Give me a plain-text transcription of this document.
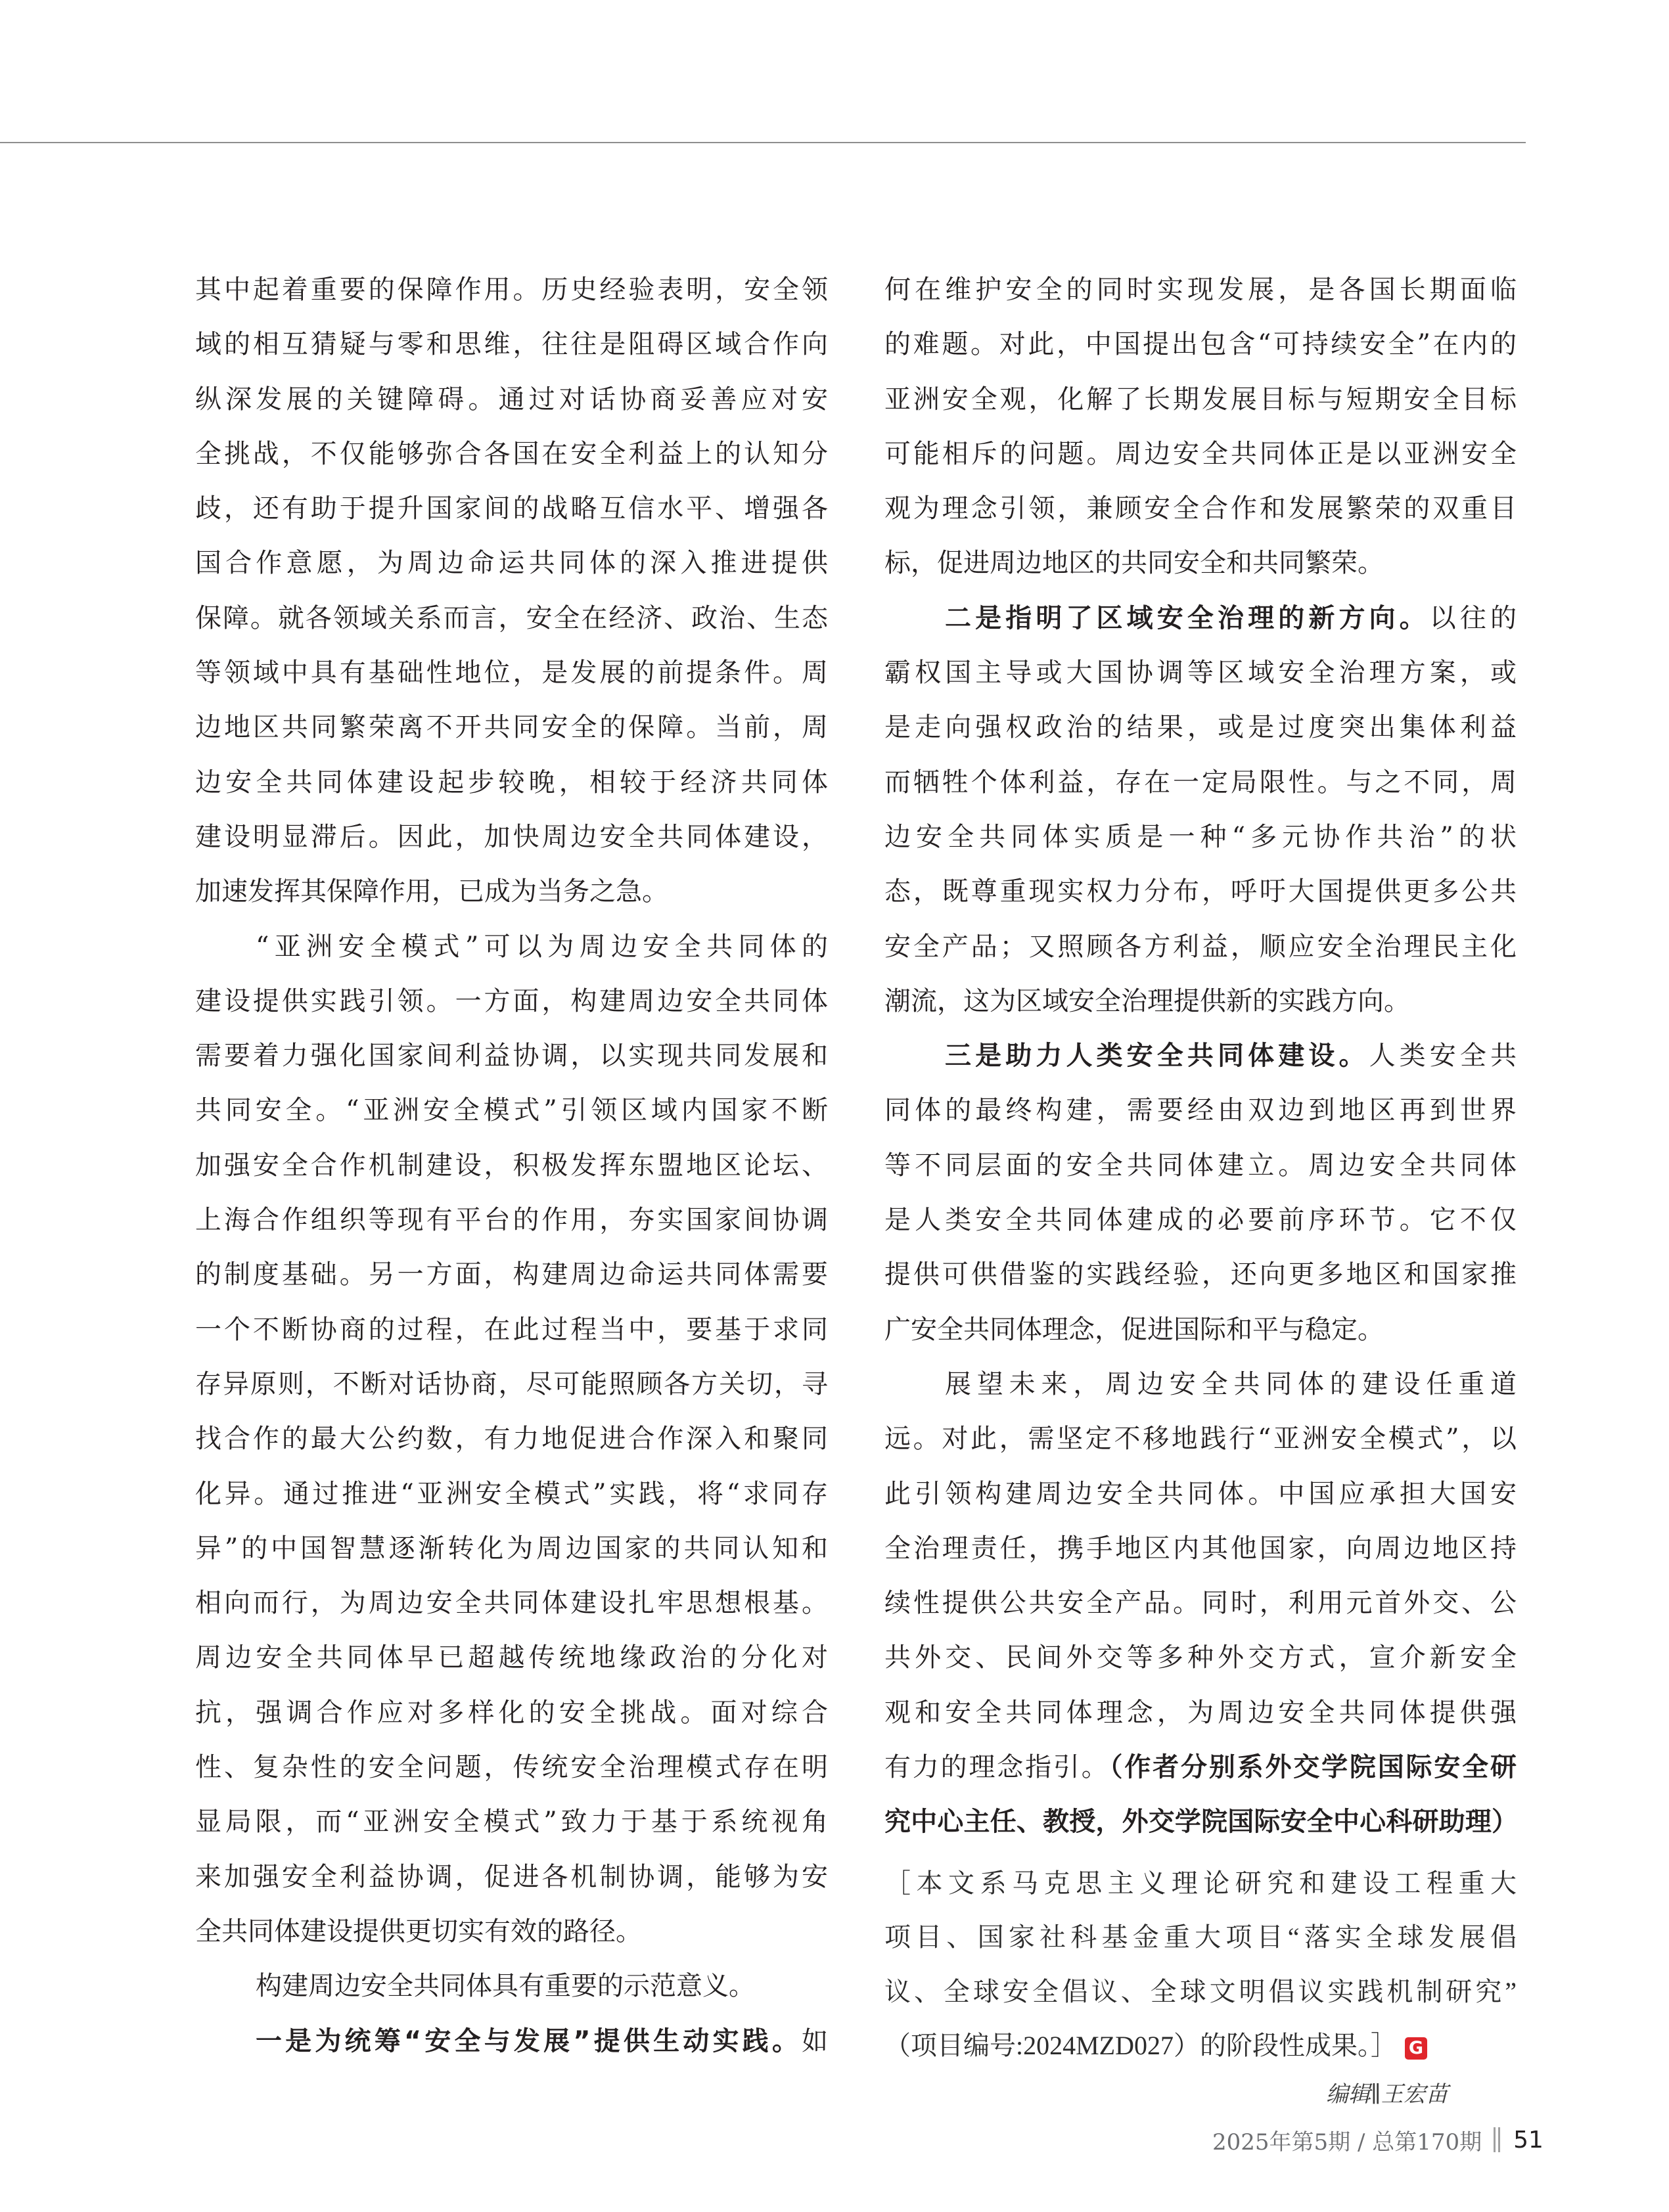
其中起着重要的保障作用。历史经验表明，安全领
域的相互猜疑与零和思维，往往是阻碍区域合作向
纵深发展的关键障碍。通过对话协商妥善应对安
全挑战，不仅能够弥合各国在安全利益上的认知分
歧，还有助于提升国家间的战略互信水平、增强各
国合作意愿，为周边命运共同体的深入推进提供
保障。就各领域关系而言，安全在经济、政治、生态
等领域中具有基础性地位，是发展的前提条件。周
边地区共同繁荣离不开共同安全的保障。当前，周
边安全共同体建设起步较晚，相较于经济共同体
建设明显滞后。因此，加快周边安全共同体建设，
加速发挥其保障作用，已成为当务之急。
“亚洲安全模式”可以为周边安全共同体的
建设提供实践引领。一方面，构建周边安全共同体
需要着力强化国家间利益协调，以实现共同发展和
共同安全。“亚洲安全模式”引领区域内国家不断
加强安全合作机制建设，积极发挥东盟地区论坛、
上海合作组织等现有平台的作用，夯实国家间协调
的制度基础。另一方面，构建周边命运共同体需要
一个不断协商的过程，在此过程当中，要基于求同
存异原则，不断对话协商，尽可能照顾各方关切，寻
找合作的最大公约数，有力地促进合作深入和聚同
化异。通过推进“亚洲安全模式”实践，将“求同存
异”的中国智慧逐渐转化为周边国家的共同认知和
相向而行，为周边安全共同体建设扎牢思想根基。
周边安全共同体早已超越传统地缘政治的分化对
抗，强调合作应对多样化的安全挑战。面对综合
性、复杂性的安全问题，传统安全治理模式存在明
显局限，而“亚洲安全模式”致力于基于系统视角
来加强安全利益协调，促进各机制协调，能够为安
全共同体建设提供更切实有效的路径。
构建周边安全共同体具有重要的示范意义。
一是为统筹“安全与发展”提供生动实践。如
何在维护安全的同时实现发展，是各国长期面临
的难题。对此，中国提出包含“可持续安全”在内的
亚洲安全观，化解了长期发展目标与短期安全目标
可能相斥的问题。周边安全共同体正是以亚洲安全
观为理念引领，兼顾安全合作和发展繁荣的双重目
标，促进周边地区的共同安全和共同繁荣。
二是指明了区域安全治理的新方向。以往的
霸权国主导或大国协调等区域安全治理方案，或
是走向强权政治的结果，或是过度突出集体利益
而牺牲个体利益，存在一定局限性。与之不同，周
边安全共同体实质是一种“多元协作共治”的状
态，既尊重现实权力分布，呼吁大国提供更多公共
安全产品；又照顾各方利益，顺应安全治理民主化
潮流，这为区域安全治理提供新的实践方向。
三是助力人类安全共同体建设。人类安全共
同体的最终构建，需要经由双边到地区再到世界
等不同层面的安全共同体建立。周边安全共同体
是人类安全共同体建成的必要前序环节。它不仅
提供可供借鉴的实践经验，还向更多地区和国家推
广安全共同体理念，促进国际和平与稳定。
展望未来，周边安全共同体的建设任重道
远。对此，需坚定不移地践行“亚洲安全模式”，以
此引领构建周边安全共同体。中国应承担大国安
全治理责任，携手地区内其他国家，向周边地区持
续性提供公共安全产品。同时，利用元首外交、公
共外交、民间外交等多种外交方式，宣介新安全
观和安全共同体理念，为周边安全共同体提供强
有力的理念指引。（作者分别系外交学院国际安全研
究中心主任、教授，外交学院国际安全中心科研助理）
［本文系马克思主义理论研究和建设工程重大
项目、国家社科基金重大项目“落实全球发展倡
议、全球安全倡议、全球文明倡议实践机制研究”
（项目编号:2024MZD027）的阶段性成果。］ G
编辑∥王宏苗
2025年第5期 / 总第170期 51
